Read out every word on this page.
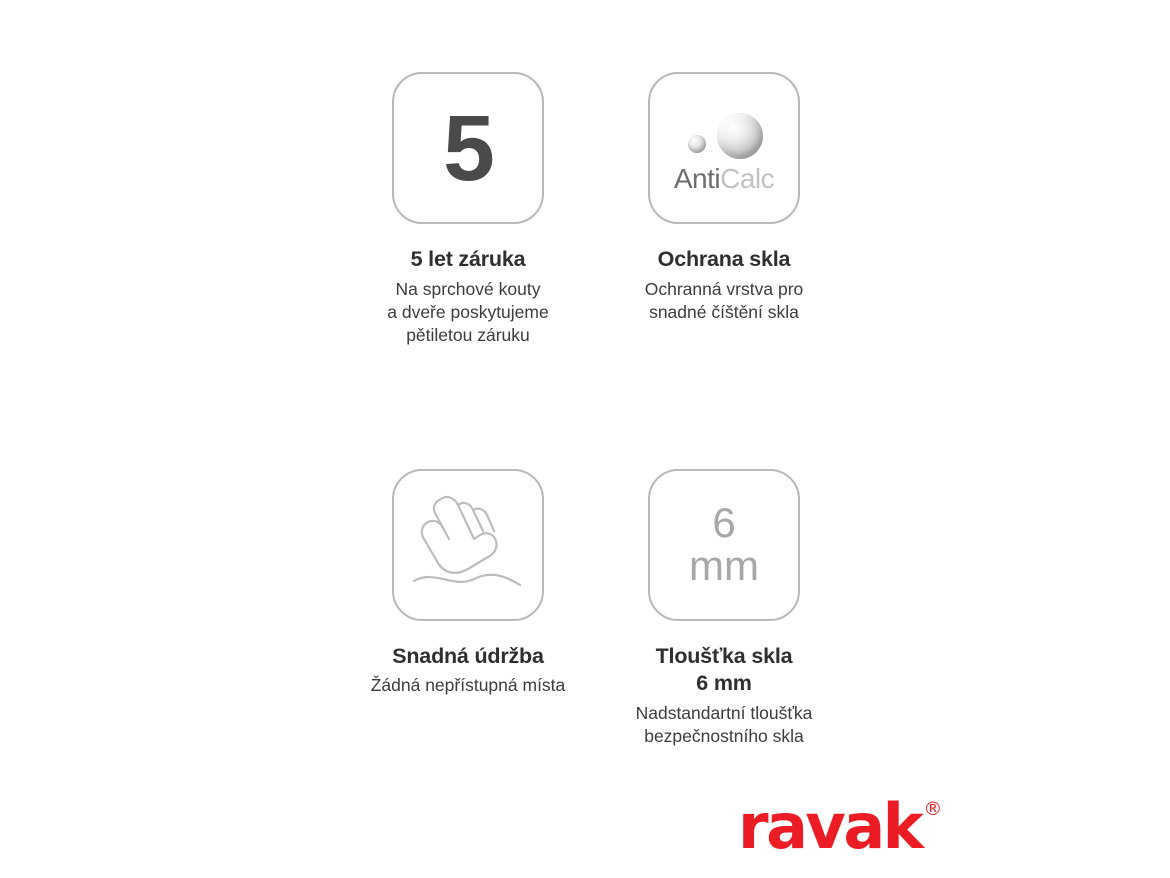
5
5 let záruka
Na sprchové kouty
a dveře poskytujeme
pětiletou záruku
AntiCalc
Ochrana skla
Ochranná vrstva pro
snadné číštění skla
Snadná údržba
Žádná nepřístupná místa
6
mm
Tloušťka skla
6 mm
Nadstandartní tloušťka
bezpečnostního skla
ravak ®
